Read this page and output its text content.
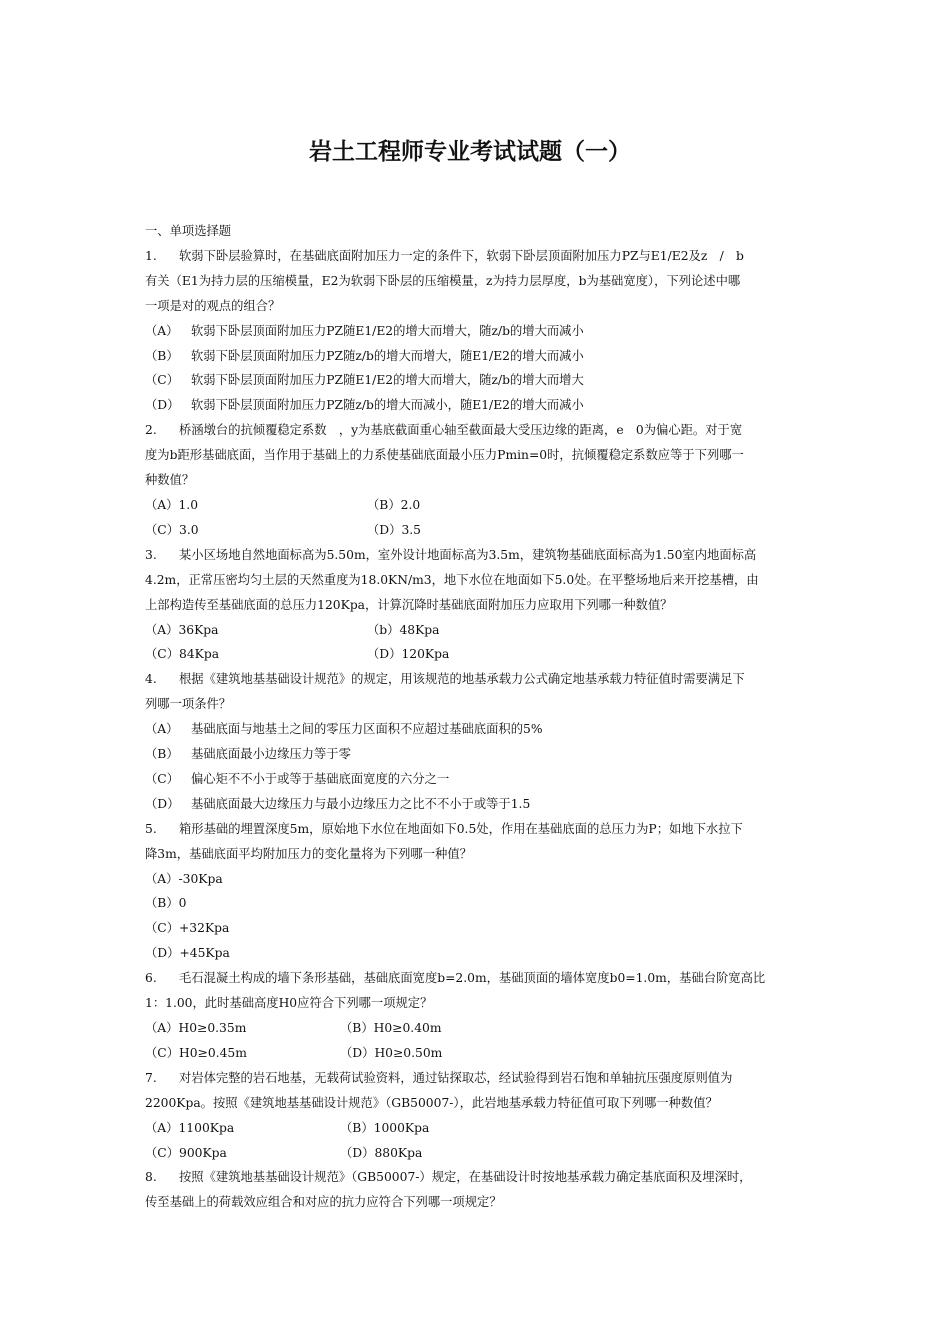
岩土工程师专业考试试题（一）

一、单项选择题

1. 软弱下卧层验算时，在基础底面附加压力一定的条件下，软弱下卧层顶面附加压力PZ与E1/E2及z　/　b

有关（E1为持力层的压缩模量，E2为软弱下卧层的压缩模量，z为持力层厚度，b为基础宽度），下列论述中哪

一项是对的观点的组合？

（A） 软弱下卧层顶面附加压力PZ随E1/E2的增大而增大，随z/b的增大而减小

（B） 软弱下卧层顶面附加压力PZ随z/b的增大而增大，随E1/E2的增大而减小

（C） 软弱下卧层顶面附加压力PZ随E1/E2的增大而增大，随z/b的增大而增大

（D） 软弱下卧层顶面附加压力PZ随z/b的增大而减小，随E1/E2的增大而减小

2. 桥涵墩台的抗倾覆稳定系数　，y为基底截面重心轴至截面最大受压边缘的距离，e　0为偏心距。对于宽

度为b距形基础底面，当作用于基础上的力系使基础底面最小压力Pmin=0时，抗倾覆稳定系数应等于下列哪一

种数值？

（A）1.0	（B）2.0
（C）3.0	（D）3.5

3. 某小区场地自然地面标高为5.50m，室外设计地面标高为3.5m，建筑物基础底面标高为1.50室内地面标高

4.2m，正常压密均匀土层的天然重度为18.0KN/m3，地下水位在地面如下5.0处。在平整场地后来开挖基槽，由

上部构造传至基础底面的总压力120Kpa，计算沉降时基础底面附加压力应取用下列哪一种数值？

（A）36Kpa	（b）48Kpa
（C）84Kpa	（D）120Kpa

4. 根据《建筑地基基础设计规范》的规定，用该规范的地基承载力公式确定地基承载力特征值时需要满足下

列哪一项条件？

（A） 基础底面与地基土之间的零压力区面积不应超过基础底面积的5%

（B） 基础底面最小边缘压力等于零

（C） 偏心矩不不小于或等于基础底面宽度的六分之一

（D） 基础底面最大边缘压力与最小边缘压力之比不不小于或等于1.5

5. 箱形基础的埋置深度5m，原始地下水位在地面如下0.5处，作用在基础底面的总压力为P；如地下水拉下

降3m，基础底面平均附加压力的变化量将为下列哪一种值？

（A）-30Kpa

（B）0

（C）+32Kpa

（D）+45Kpa

6. 毛石混凝土构成的墙下条形基础，基础底面宽度b=2.0m，基础顶面的墙体宽度b0=1.0m，基础台阶宽高比

1：1.00，此时基础高度H0应符合下列哪一项规定？

（A）H0≥0.35m	（B）H0≥0.40m
（C）H0≥0.45m	（D）H0≥0.50m

7. 对岩体完整的岩石地基，无载荷试验资料，通过钻探取芯，经试验得到岩石饱和单轴抗压强度原则值为

2200Kpa。按照《建筑地基基础设计规范》（GB50007-），此岩地基承载力特征值可取下列哪一种数值？

（A）1100Kpa	（B）1000Kpa
（C）900Kpa	（D）880Kpa

8. 按照《建筑地基基础设计规范》（GB50007-）规定，在基础设计时按地基承载力确定基底面积及埋深时，

传至基础上的荷载效应组合和对应的抗力应符合下列哪一项规定？
